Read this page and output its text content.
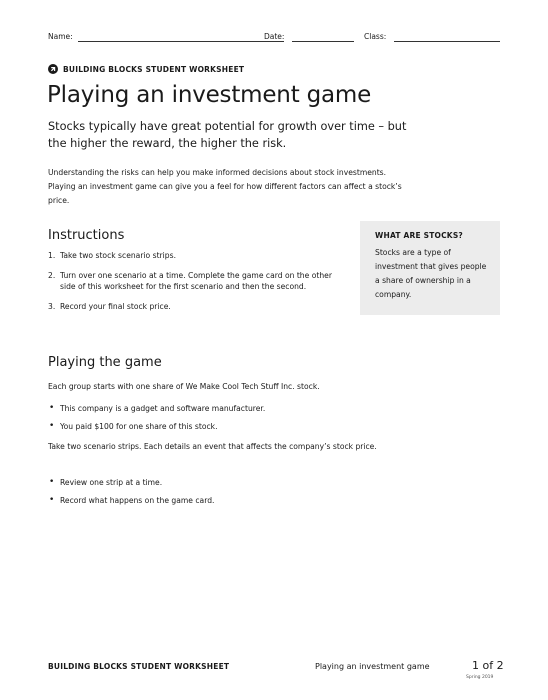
Name:	Date:	Class:
BUILDING BLOCKS STUDENT WORKSHEET
Playing an investment game

Stocks typically have great potential for growth over time – but the higher the reward, the higher the risk.

Understanding the risks can help you make informed decisions about stock investments. Playing an investment game can give you a feel for how different factors can affect a stock’s price.

WHAT ARE STOCKS?

Stocks are a type of investment that gives people a share of ownership in a company.

Instructions
1. Take two stock scenario strips.
2. Turn over one scenario at a time. Complete the game card on the other side of this worksheet for the first scenario and then the second.
3. Record your final stock price.
Playing the game

Each group starts with one share of We Make Cool Tech Stuff Inc. stock.

• This company is a gadget and software manufacturer.
• You paid $100 for one share of this stock.

Take two scenario strips. Each details an event that affects the company’s stock price.

• Review one strip at a time.
• Record what happens on the game card.
BUILDING BLOCKS STUDENT WORKSHEET	Playing an investment game	1 of 2
Spring 2019
